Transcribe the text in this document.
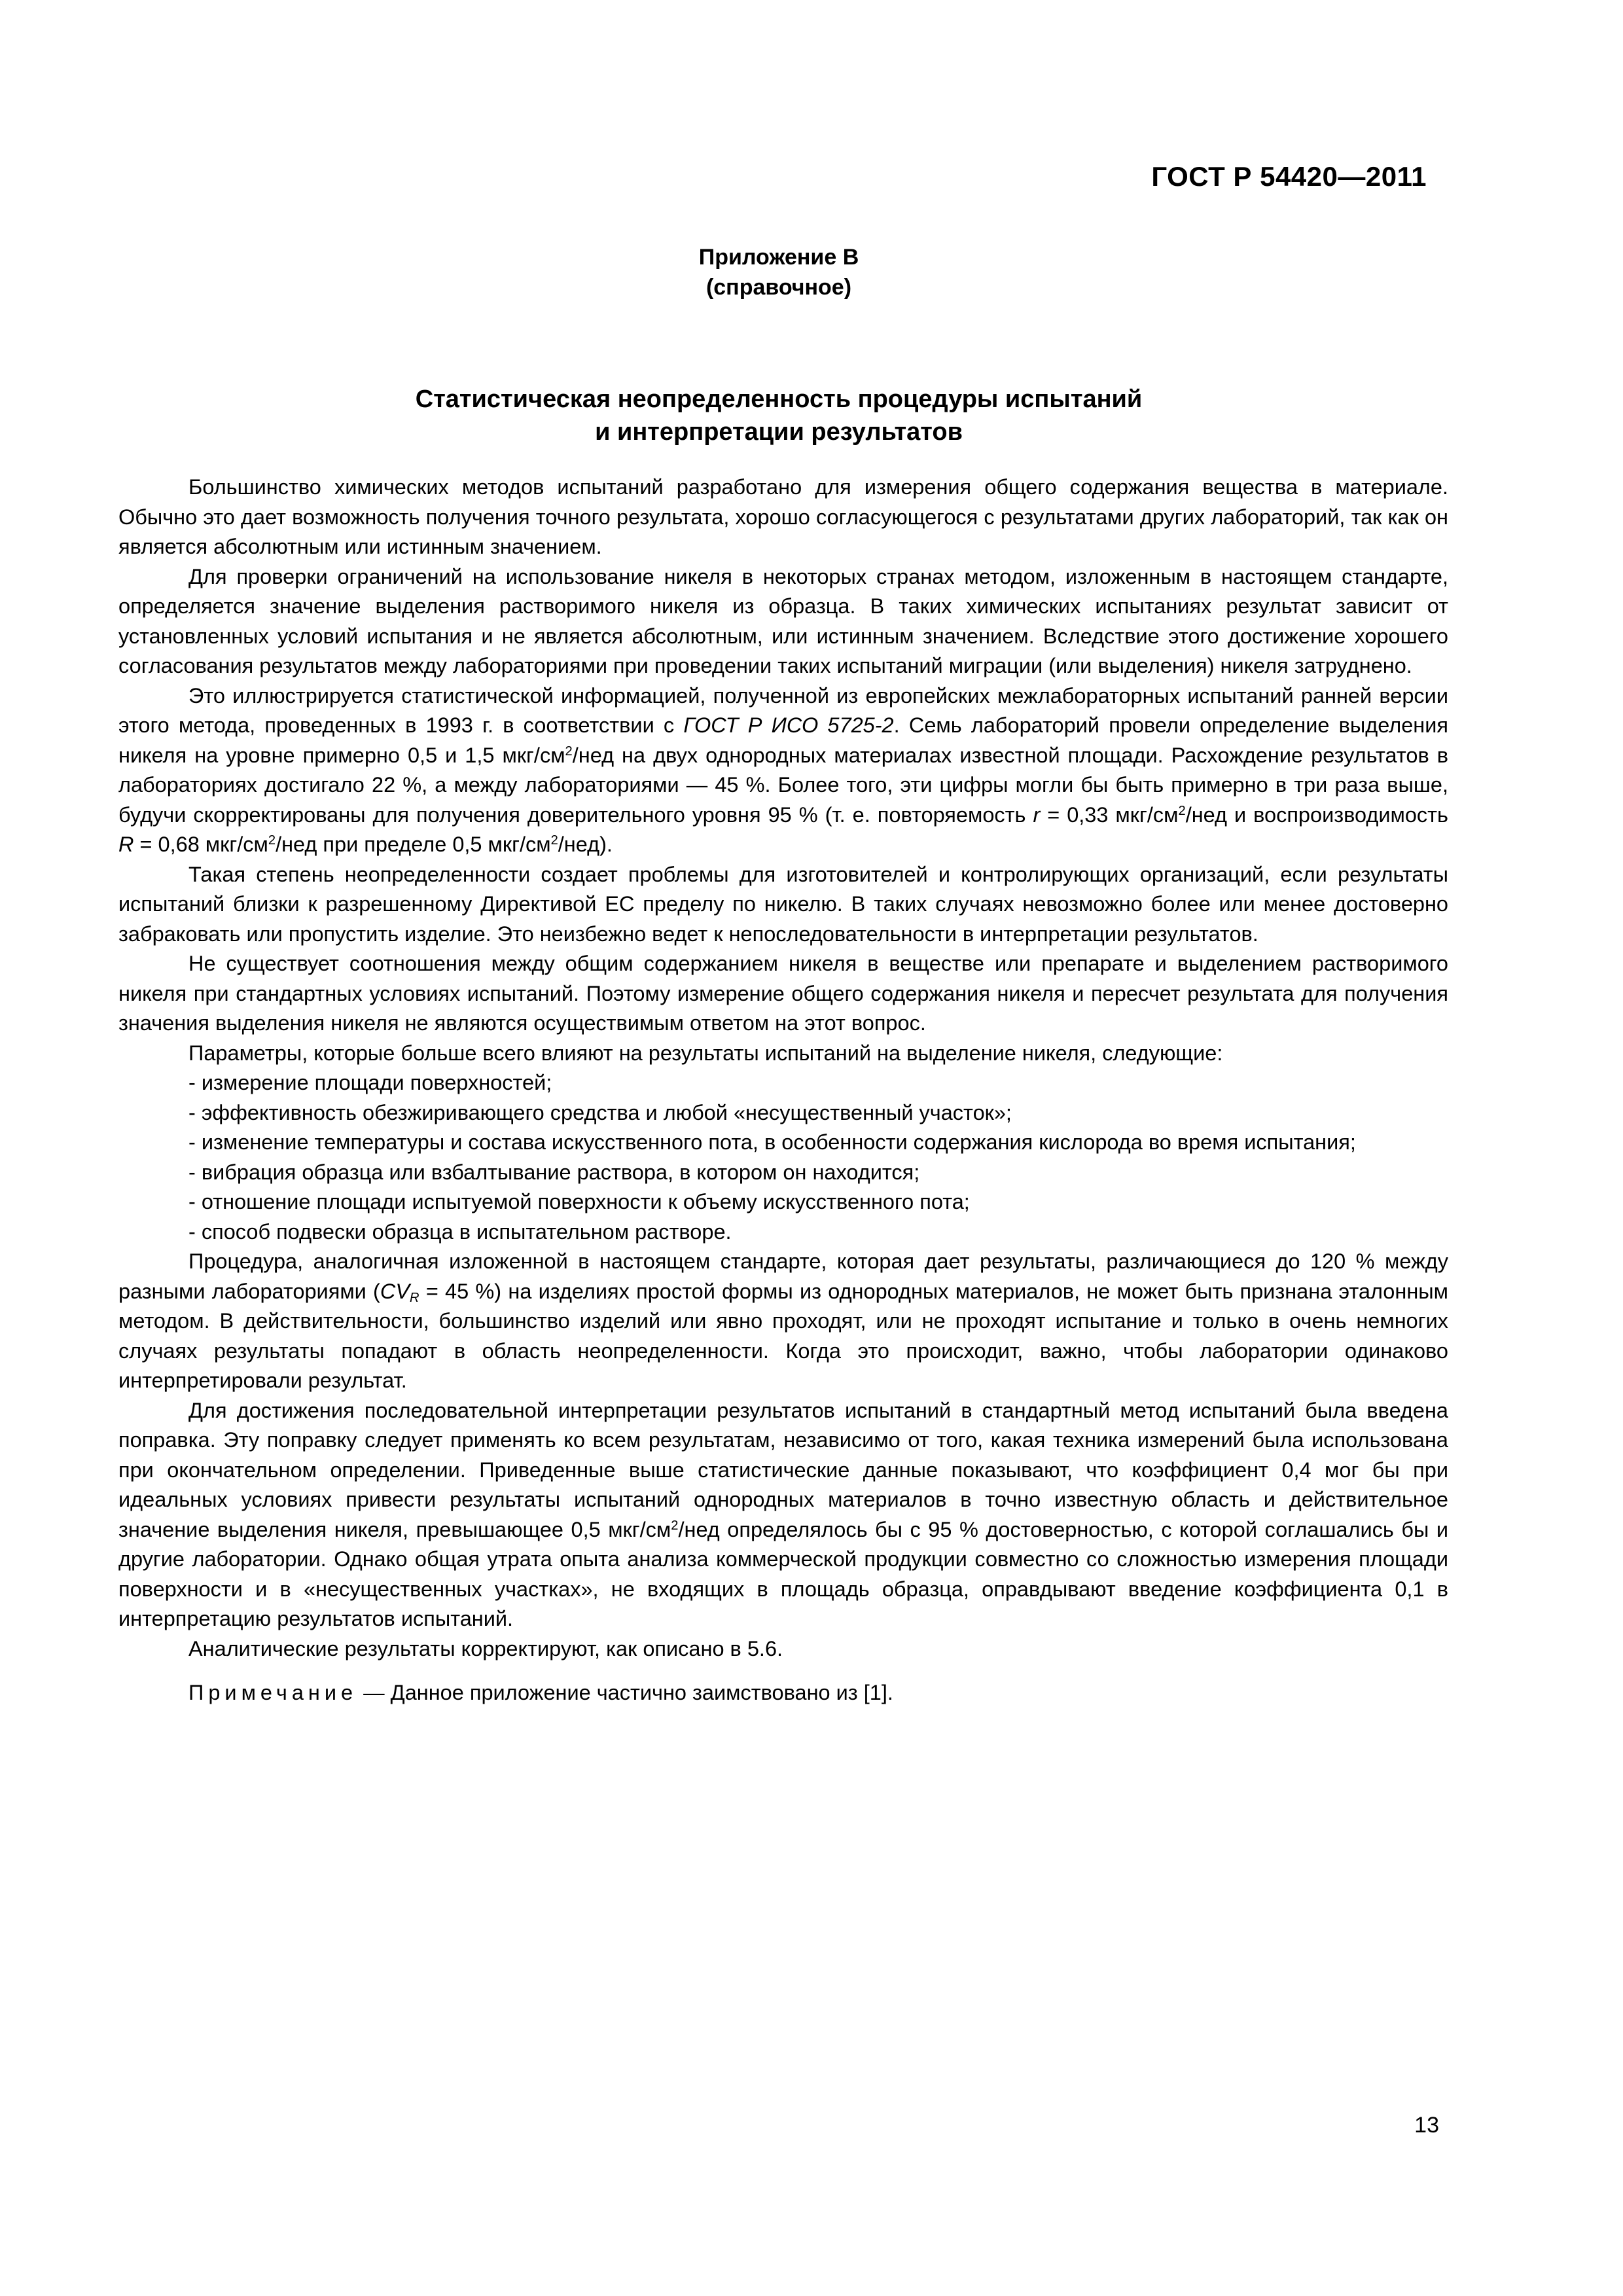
ГОСТ Р 54420—2011
Приложение В
(справочное)
Статистическая неопределенность процедуры испытаний
и интерпретации результатов

Большинство химических методов испытаний разработано для измерения общего содержания вещества в материале. Обычно это дает возможность получения точного результата, хорошо согласующегося с результатами других лабораторий, так как он является абсолютным или истинным значением.

Для проверки ограничений на использование никеля в некоторых странах методом, изложенным в настоящем стандарте, определяется значение выделения растворимого никеля из образца. В таких химических испытаниях результат зависит от установленных условий испытания и не является абсолютным, или истинным значением. Вследствие этого достижение хорошего согласования результатов между лабораториями при проведении таких испытаний миграции (или выделения) никеля затруднено.

Это иллюстрируется статистической информацией, полученной из европейских межлабораторных испытаний ранней версии этого метода, проведенных в 1993 г. в соответствии с ГОСТ Р ИСО 5725-2. Семь лабораторий провели определение выделения никеля на уровне примерно 0,5 и 1,5 мкг/$см^2$/нед на двух однородных материалах известной площади. Расхождение результатов в лабораториях достигало 22 %, а между лабораториями — 45 %. Более того, эти цифры могли бы быть примерно в три раза выше, будучи скорректированы для получения доверительного уровня 95 % (т. е. повторяемость r = 0,33 мкг/$см^2$/нед и воспроизводимость R = 0,68 мкг/$см^2$/нед при пределе 0,5 мкг/$см^2/нед$).

Такая степень неопределенности создает проблемы для изготовителей и контролирующих организаций, если результаты испытаний близки к разрешенному Директивой ЕС пределу по никелю. В таких случаях невозможно более или менее достоверно забраковать или пропустить изделие. Это неизбежно ведет к непоследовательности в интерпретации результатов.

Не существует соотношения между общим содержанием никеля в веществе или препарате и выделением растворимого никеля при стандартных условиях испытаний. Поэтому измерение общего содержания никеля и пересчет результата для получения значения выделения никеля не являются осуществимым ответом на этот вопрос.

Параметры, которые больше всего влияют на результаты испытаний на выделение никеля, следующие:

- измерение площади поверхностей;

- эффективность обезжиривающего средства и любой «несущественный участок»;

- изменение температуры и состава искусственного пота, в особенности содержания кислорода во время испытания;

- вибрация образца или взбалтывание раствора, в котором он находится;

- отношение площади испытуемой поверхности к объему искусственного пота;

- способ подвески образца в испытательном растворе.

Процедура, аналогичная изложенной в настоящем стандарте, которая дает результаты, различающиеся до 120 % между разными лабораториями ($CV_R = 45$ %) на изделиях простой формы из однородных материалов, не может быть признана эталонным методом. В действительности, большинство изделий или явно проходят, или не проходят испытание и только в очень немногих случаях результаты попадают в область неопределенности. Когда это происходит, важно, чтобы лаборатории одинаково интерпретировали результат.

Для достижения последовательной интерпретации результатов испытаний в стандартный метод испытаний была введена поправка. Эту поправку следует применять ко всем результатам, независимо от того, какая техника измерений была использована при окончательном определении. Приведенные выше статистические данные показывают, что коэффициент 0,4 мог бы при идеальных условиях привести результаты испытаний однородных материалов в точно известную область и действительное значение выделения никеля, превышающее 0,5 мкг/$см^2$/нед определялось бы с 95 % достоверностью, с которой соглашались бы и другие лаборатории. Однако общая утрата опыта анализа коммерческой продукции совместно со сложностью измерения площади поверхности и в «несущественных участках», не входящих в площадь образца, оправдывают введение коэффициента 0,1 в интерпретацию результатов испытаний.

Аналитические результаты корректируют, как описано в 5.6.

Примечание — Данное приложение частично заимствовано из [1].

13
